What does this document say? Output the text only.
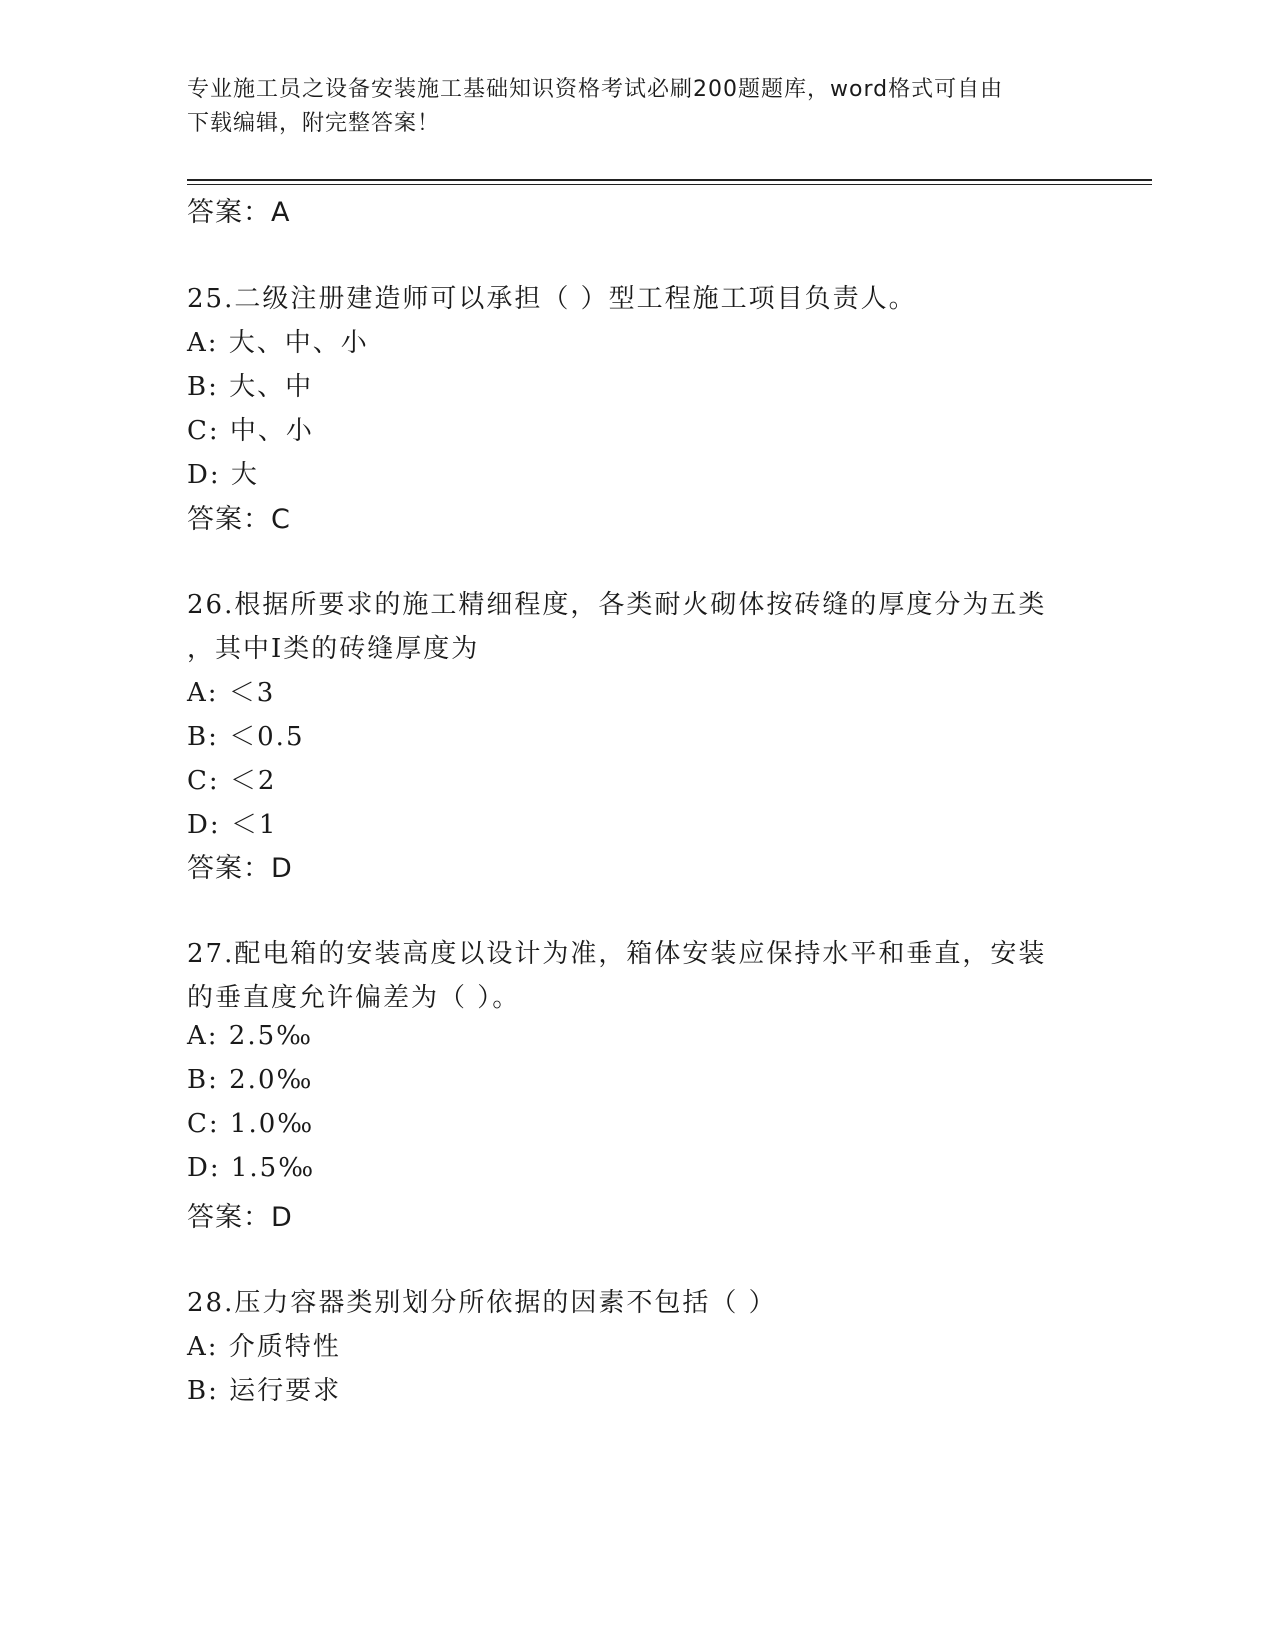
专业施工员之设备安装施工基础知识资格考试必刷200题题库，word格式可自由
下载编辑，附完整答案！
答案：A
25.二级注册建造师可以承担（ ）型工程施工项目负责人。
A: 大、中、小
B: 大、中
C: 中、小
D: 大
答案：C
26.根据所要求的施工精细程度，各类耐火砌体按砖缝的厚度分为五类
，其中Ⅰ类的砖缝厚度为
A: ＜3
B: ＜0.5
C: ＜2
D: ＜1
答案：D
27.配电箱的安装高度以设计为准，箱体安装应保持水平和垂直，安装
的垂直度允许偏差为（ ）。
A: 2.5‰
B: 2.0‰
C: 1.0‰
D: 1.5‰
答案：D
28.压力容器类别划分所依据的因素不包括（ ）
A: 介质特性
B: 运行要求
